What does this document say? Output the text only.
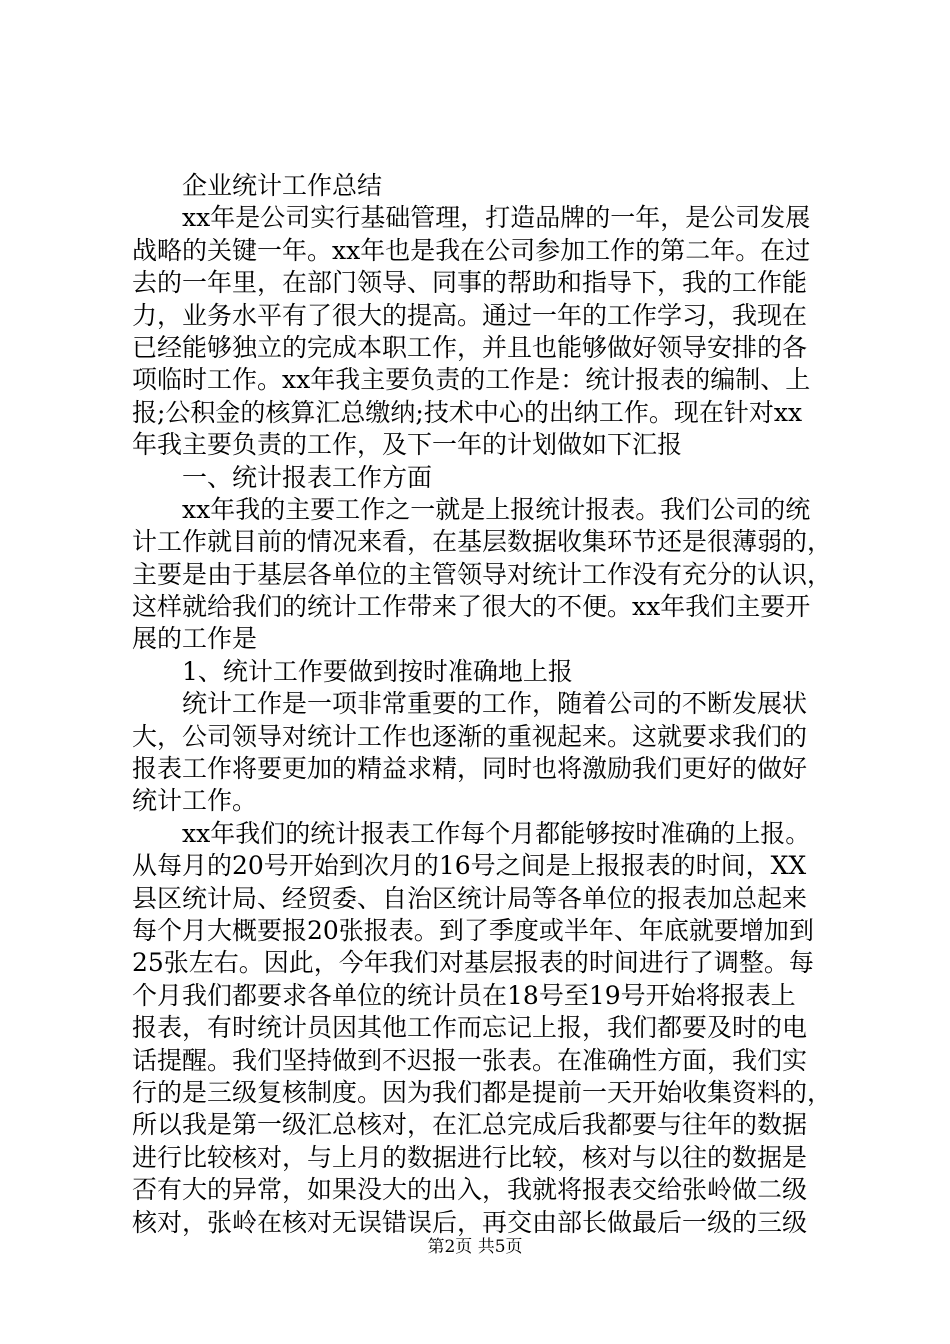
企业统计工作总结
xx年是公司实行基础管理，打造品牌的一年，是公司发展
战略的关键一年。xx年也是我在公司参加工作的第二年。在过
去的一年里，在部门领导、同事的帮助和指导下，我的工作能
力，业务水平有了很大的提高。通过一年的工作学习，我现在
已经能够独立的完成本职工作，并且也能够做好领导安排的各
项临时工作。xx年我主要负责的工作是：统计报表的编制、上
报;公积金的核算汇总缴纳;技术中心的出纳工作。现在针对xx
年我主要负责的工作，及下一年的计划做如下汇报
一、统计报表工作方面
xx年我的主要工作之一就是上报统计报表。我们公司的统
计工作就目前的情况来看，在基层数据收集环节还是很薄弱的，
主要是由于基层各单位的主管领导对统计工作没有充分的认识，
这样就给我们的统计工作带来了很大的不便。xx年我们主要开
展的工作是
1、统计工作要做到按时准确地上报
统计工作是一项非常重要的工作，随着公司的不断发展状
大，公司领导对统计工作也逐渐的重视起来。这就要求我们的
报表工作将要更加的精益求精，同时也将激励我们更好的做好
统计工作。
xx年我们的统计报表工作每个月都能够按时准确的上报。
从每月的20号开始到次月的16号之间是上报报表的时间，XX
县区统计局、经贸委、自治区统计局等各单位的报表加总起来
每个月大概要报20张报表。到了季度或半年、年底就要增加到
25张左右。因此，今年我们对基层报表的时间进行了调整。每
个月我们都要求各单位的统计员在18号至19号开始将报表上
报表，有时统计员因其他工作而忘记上报，我们都要及时的电
话提醒。我们坚持做到不迟报一张表。在准确性方面，我们实
行的是三级复核制度。因为我们都是提前一天开始收集资料的，
所以我是第一级汇总核对，在汇总完成后我都要与往年的数据
进行比较核对，与上月的数据进行比较，核对与以往的数据是
否有大的异常，如果没大的出入，我就将报表交给张岭做二级
核对，张岭在核对无误错误后，再交由部长做最后一级的三级
第2页 共5页
